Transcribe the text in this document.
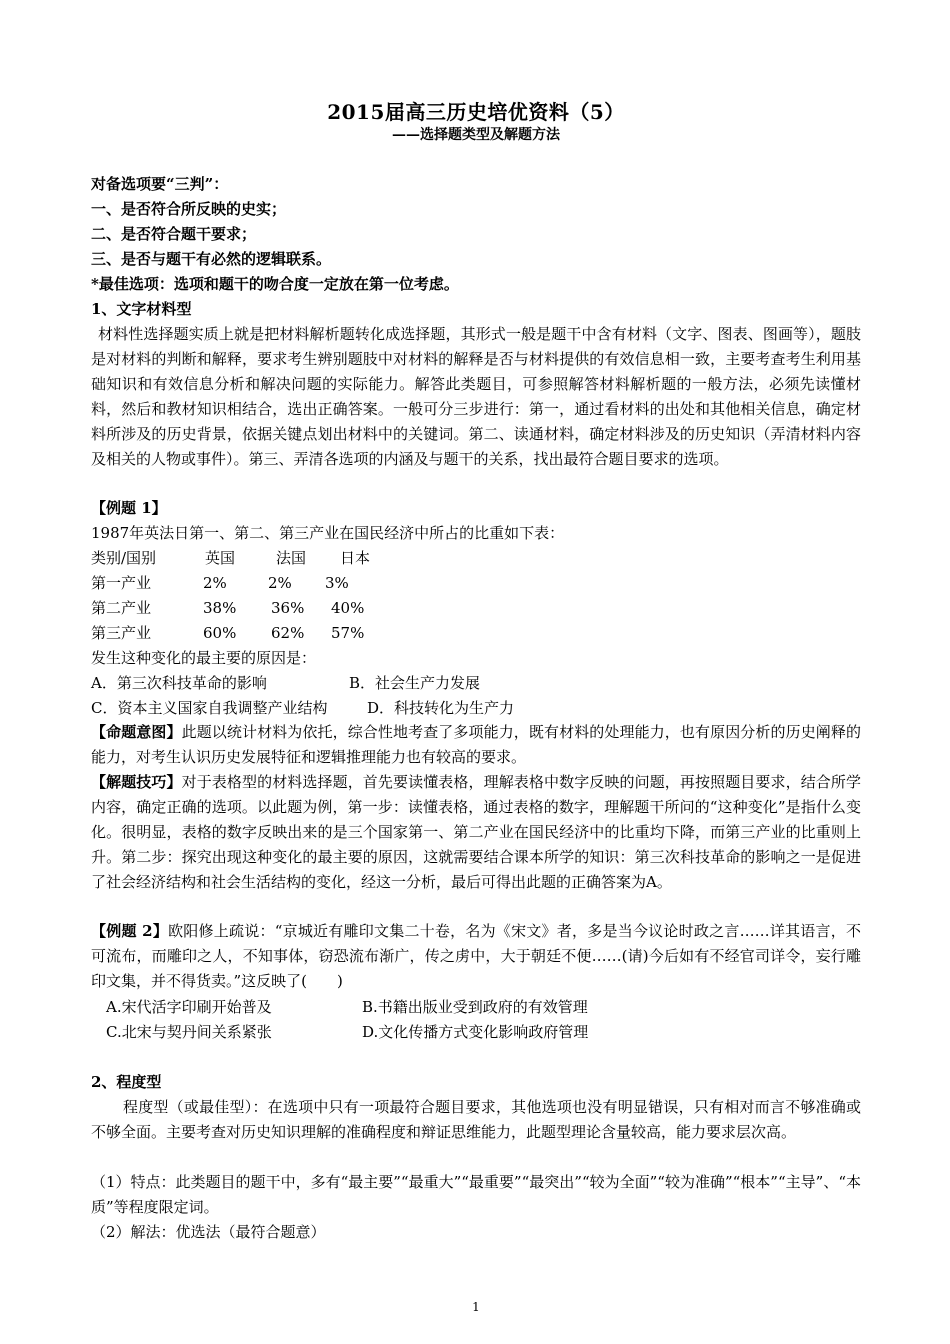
2015届高三历史培优资料（5）
——选择题类型及解题方法
对备选项要“三判”：
一、是否符合所反映的史实；
二、是否符合题干要求；
三、是否与题干有必然的逻辑联系。
*最佳选项：选项和题干的吻合度一定放在第一位考虑。
1、文字材料型
材料性选择题实质上就是把材料解析题转化成选择题，其形式一般是题干中含有材料（文字、图表、图画等），题肢是对材料的判断和解释，要求考生辨别题肢中对材料的解释是否与材料提供的有效信息相一致，主要考查考生利用基础知识和有效信息分析和解决问题的实际能力。解答此类题目，可参照解答材料解析题的一般方法，必须先读懂材料，然后和教材知识相结合，选出正确答案。一般可分三步进行：第一，通过看材料的出处和其他相关信息，确定材料所涉及的历史背景，依据关键点划出材料中的关键词。第二、读通材料，确定材料涉及的历史知识（弄清材料内容及相关的人物或事件）。第三、弄清各选项的内涵及与题干的关系，找出最符合题目要求的选项。
【例题 1】
1987年英法日第一、第二、第三产业在国民经济中所占的比重如下表：
类别/国别	英国	法国 日本
第一产业	2%	2% 3%
第二产业	38% 36% 40%
第三产业	60% 62% 57%
发生这种变化的最主要的原因是：
A．第三次科技革命的影响	B．社会生产力发展
C．资本主义国家自我调整产业结构	D．科技转化为生产力
【命题意图】此题以统计材料为依托，综合性地考查了多项能力，既有材料的处理能力，也有原因分析的历史阐释的能力，对考生认识历史发展特征和逻辑推理能力也有较高的要求。
【解题技巧】对于表格型的材料选择题，首先要读懂表格，理解表格中数字反映的问题，再按照题目要求，结合所学内容，确定正确的选项。以此题为例，第一步：读懂表格，通过表格的数字，理解题干所问的“这种变化”是指什么变化。很明显，表格的数字反映出来的是三个国家第一、第二产业在国民经济中的比重均下降，而第三产业的比重则上升。第二步：探究出现这种变化的最主要的原因，这就需要结合课本所学的知识：第三次科技革命的影响之一是促进了社会经济结构和社会生活结构的变化，经这一分析，最后可得出此题的正确答案为A。
【例题 2】欧阳修上疏说：“京城近有雕印文集二十卷，名为《宋文》者，多是当今议论时政之言……详其语言，不可流布，而雕印之人，不知事体，窃恐流布渐广，传之虏中，大于朝廷不便……(请)今后如有不经官司详令，妄行雕印文集，并不得货卖。”这反映了(　　)
A.宋代活字印刷开始普及	B.书籍出版业受到政府的有效管理
C.北宋与契丹间关系紧张	D.文化传播方式变化影响政府管理
2、程度型
程度型（或最佳型）：在选项中只有一项最符合题目要求，其他选项也没有明显错误，只有相对而言不够准确或不够全面。主要考查对历史知识理解的准确程度和辩证思维能力，此题型理论含量较高，能力要求层次高。
（1）特点：此类题目的题干中，多有“最主要”“最重大”“最重要”“最突出”“较为全面”“较为准确”“根本”“主导”、“本质”等程度限定词。
（2）解法：优选法（最符合题意）
1
